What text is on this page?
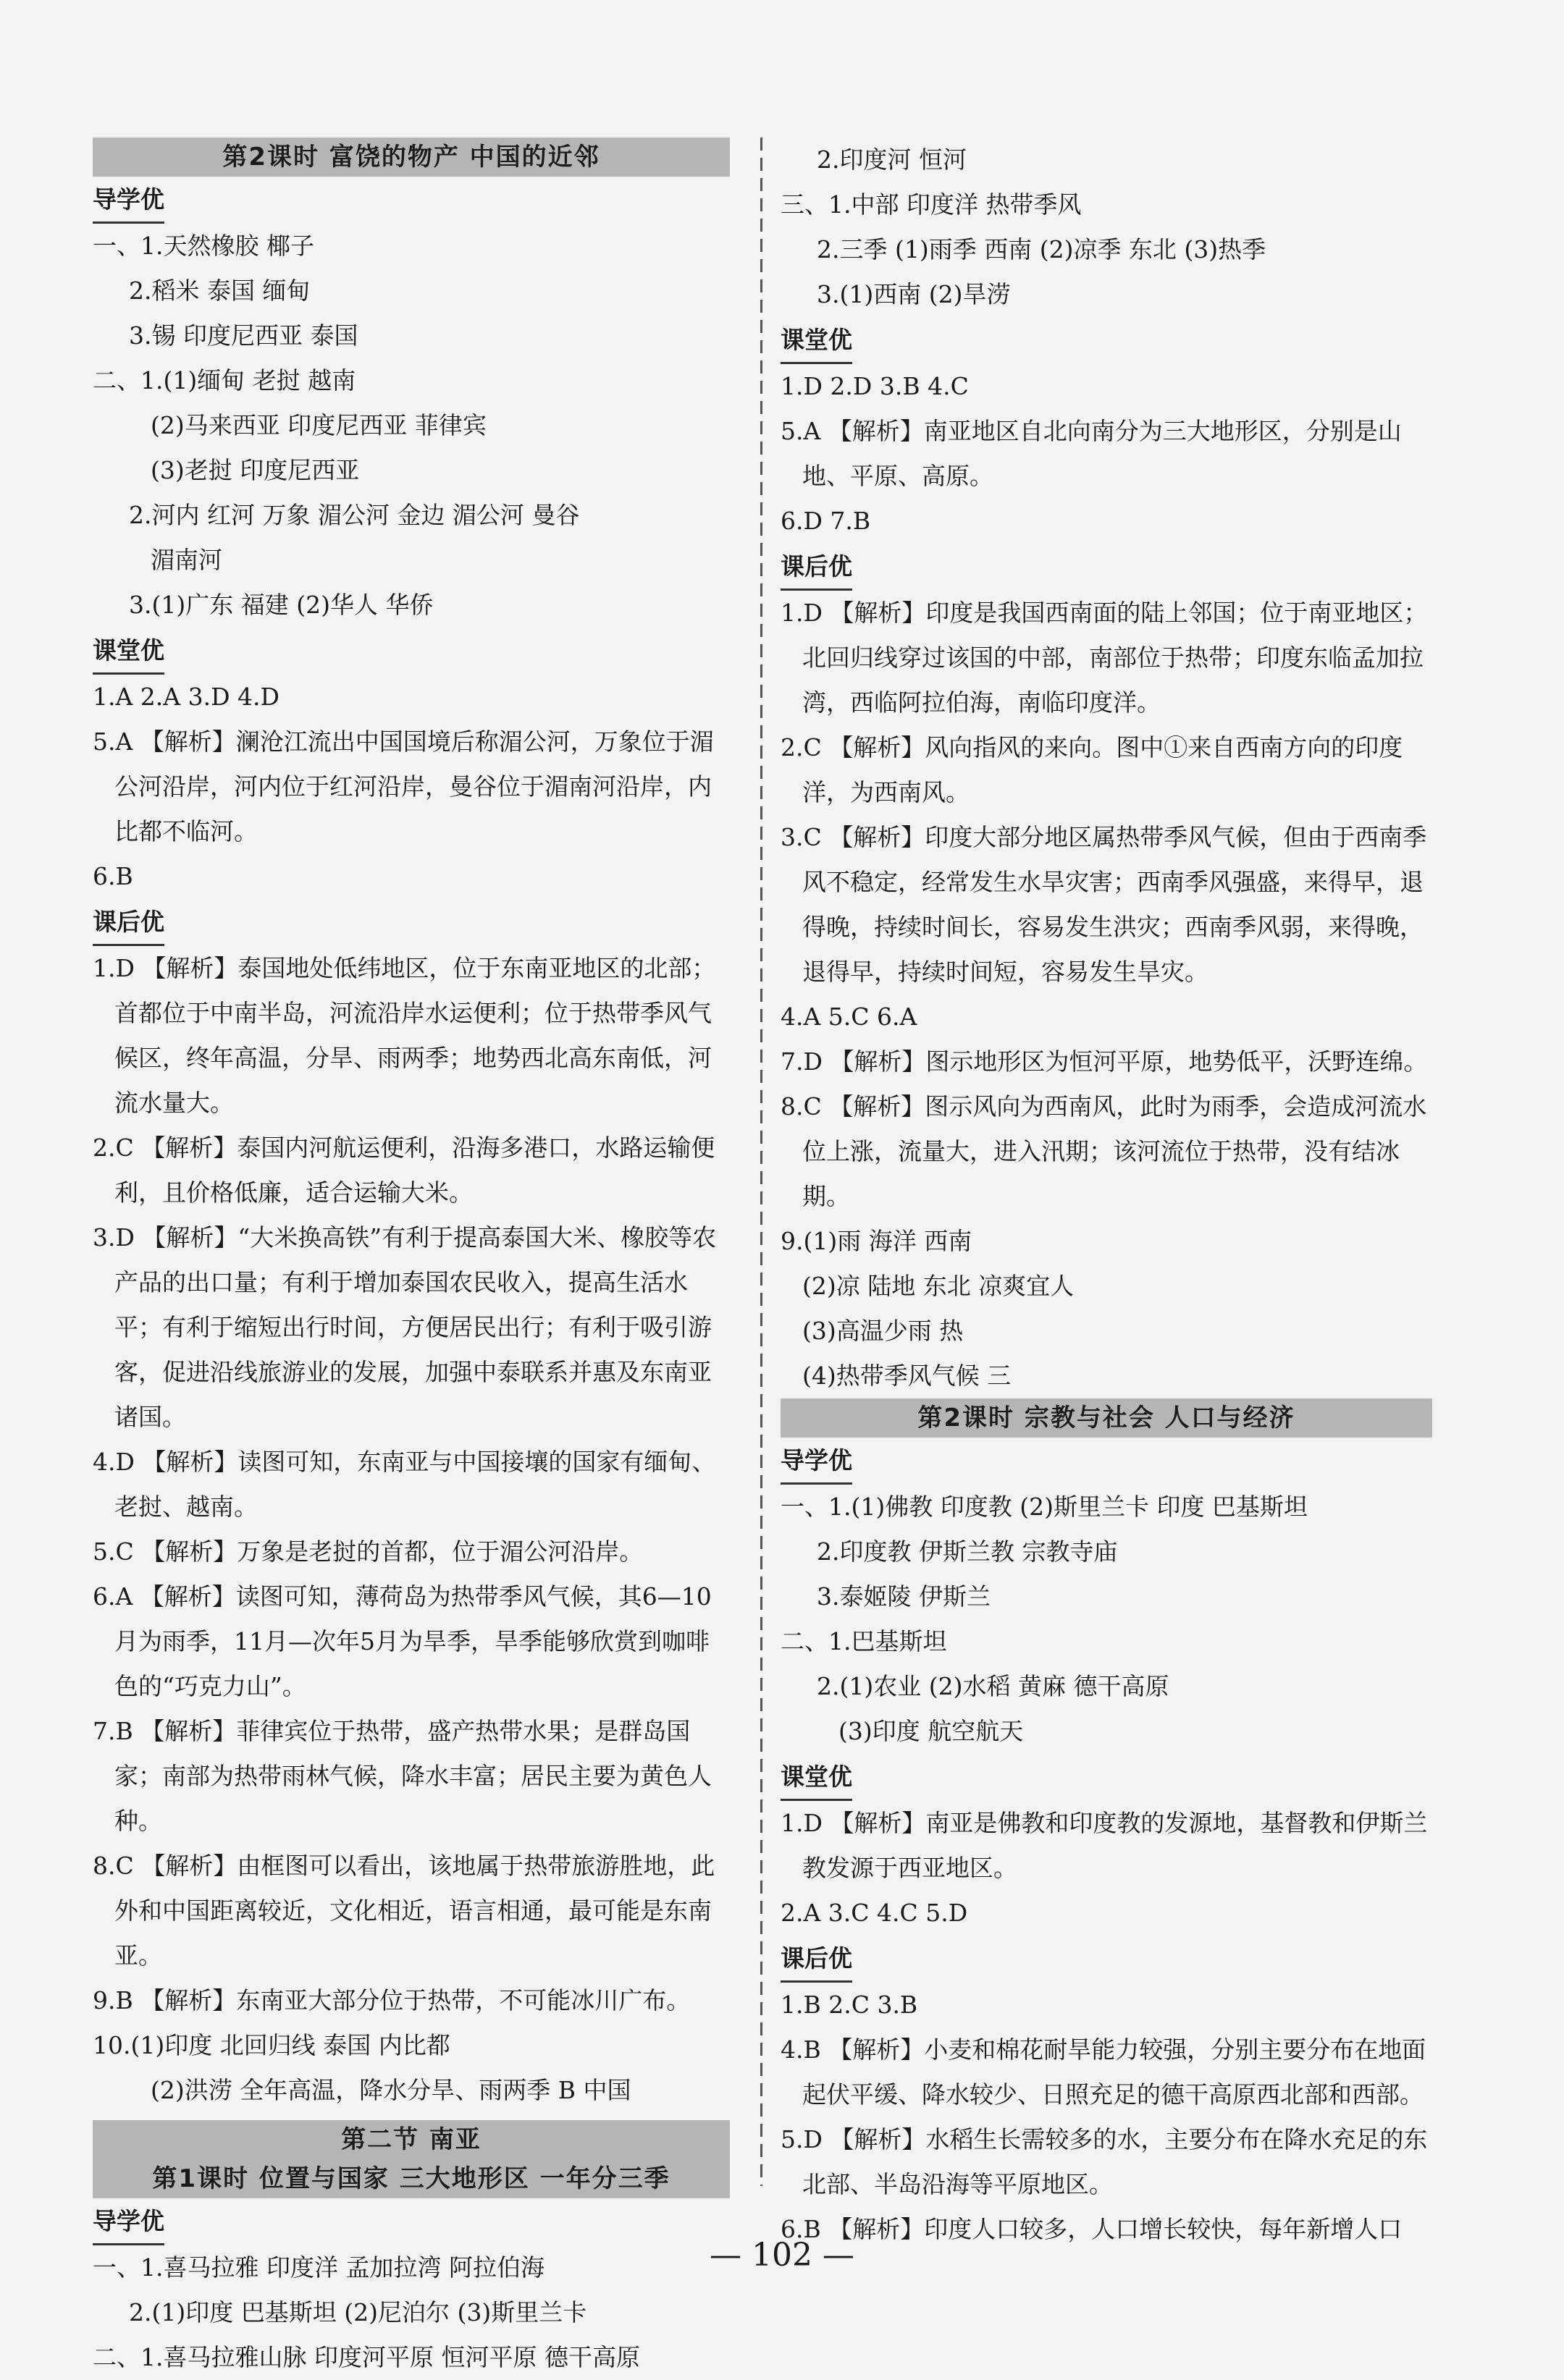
第2课时 富饶的物产 中国的近邻
导学优
一、1.天然橡胶 椰子
2.稻米 泰国 缅甸
3.锡 印度尼西亚 泰国
二、1.(1)缅甸 老挝 越南
(2)马来西亚 印度尼西亚 菲律宾
(3)老挝 印度尼西亚
2.河内 红河 万象 湄公河 金边 湄公河 曼谷
湄南河
3.(1)广东 福建 (2)华人 华侨
课堂优
1.A 2.A 3.D 4.D
5.A 【解析】澜沧江流出中国国境后称湄公河，万象位于湄公河沿岸，河内位于红河沿岸，曼谷位于湄南河沿岸，内比都不临河。
6.B
课后优
1.D 【解析】泰国地处低纬地区，位于东南亚地区的北部；首都位于中南半岛，河流沿岸水运便利；位于热带季风气候区，终年高温，分旱、雨两季；地势西北高东南低，河流水量大。
2.C 【解析】泰国内河航运便利，沿海多港口，水路运输便利，且价格低廉，适合运输大米。
3.D 【解析】“大米换高铁”有利于提高泰国大米、橡胶等农产品的出口量；有利于增加泰国农民收入，提高生活水平；有利于缩短出行时间，方便居民出行；有利于吸引游客，促进沿线旅游业的发展，加强中泰联系并惠及东南亚诸国。
4.D 【解析】读图可知，东南亚与中国接壤的国家有缅甸、老挝、越南。
5.C 【解析】万象是老挝的首都，位于湄公河沿岸。
6.A 【解析】读图可知，薄荷岛为热带季风气候，其6—10月为雨季，11月—次年5月为旱季，旱季能够欣赏到咖啡色的“巧克力山”。
7.B 【解析】菲律宾位于热带，盛产热带水果；是群岛国家；南部为热带雨林气候，降水丰富；居民主要为黄色人种。
8.C 【解析】由框图可以看出，该地属于热带旅游胜地，此外和中国距离较近，文化相近，语言相通，最可能是东南亚。
9.B 【解析】东南亚大部分位于热带，不可能冰川广布。
10.(1)印度 北回归线 泰国 内比都
(2)洪涝 全年高温，降水分旱、雨两季 B 中国
第二节 南亚
第1课时 位置与国家 三大地形区 一年分三季
导学优
一、1.喜马拉雅 印度洋 孟加拉湾 阿拉伯海
2.(1)印度 巴基斯坦 (2)尼泊尔 (3)斯里兰卡
二、1.喜马拉雅山脉 印度河平原 恒河平原 德干高原
2.印度河 恒河
三、1.中部 印度洋 热带季风
2.三季 (1)雨季 西南 (2)凉季 东北 (3)热季
3.(1)西南 (2)旱涝
课堂优
1.D 2.D 3.B 4.C
5.A 【解析】南亚地区自北向南分为三大地形区，分别是山地、平原、高原。
6.D 7.B
课后优
1.D 【解析】印度是我国西南面的陆上邻国；位于南亚地区；北回归线穿过该国的中部，南部位于热带；印度东临孟加拉湾，西临阿拉伯海，南临印度洋。
2.C 【解析】风向指风的来向。图中①来自西南方向的印度洋，为西南风。
3.C 【解析】印度大部分地区属热带季风气候，但由于西南季风不稳定，经常发生水旱灾害；西南季风强盛，来得早，退得晚，持续时间长，容易发生洪灾；西南季风弱，来得晚，退得早，持续时间短，容易发生旱灾。
4.A 5.C 6.A
7.D 【解析】图示地形区为恒河平原，地势低平，沃野连绵。
8.C 【解析】图示风向为西南风，此时为雨季，会造成河流水位上涨，流量大，进入汛期；该河流位于热带，没有结冰期。
9.(1)雨 海洋 西南
(2)凉 陆地 东北 凉爽宜人
(3)高温少雨 热
(4)热带季风气候 三
第2课时 宗教与社会 人口与经济
导学优
一、1.(1)佛教 印度教 (2)斯里兰卡 印度 巴基斯坦
2.印度教 伊斯兰教 宗教寺庙
3.泰姬陵 伊斯兰
二、1.巴基斯坦
2.(1)农业 (2)水稻 黄麻 德干高原
(3)印度 航空航天
课堂优
1.D 【解析】南亚是佛教和印度教的发源地，基督教和伊斯兰教发源于西亚地区。
2.A 3.C 4.C 5.D
课后优
1.B 2.C 3.B
4.B 【解析】小麦和棉花耐旱能力较强，分别主要分布在地面起伏平缓、降水较少、日照充足的德干高原西北部和西部。
5.D 【解析】水稻生长需较多的水，主要分布在降水充足的东北部、半岛沿海等平原地区。
6.B 【解析】印度人口较多，人口增长较快，每年新增人口
— 102 —
